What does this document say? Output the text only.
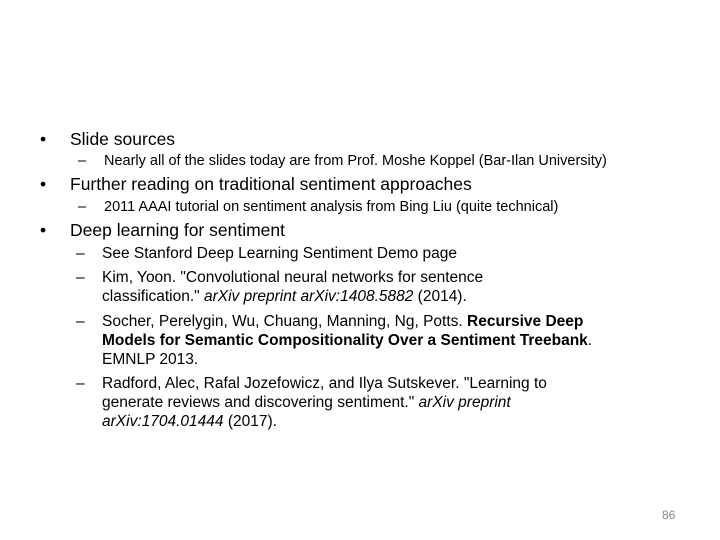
• Slide sources
– Nearly all of the slides today are from Prof. Moshe Koppel (Bar-Ilan University)
• Further reading on traditional sentiment approaches
– 2011 AAAI tutorial on sentiment analysis from Bing Liu (quite technical)
• Deep learning for sentiment
– See Stanford Deep Learning Sentiment Demo page
– Kim, Yoon. "Convolutional neural networks for sentence
classification." arXiv preprint arXiv:1408.5882 (2014).
– Socher, Perelygin, Wu, Chuang, Manning, Ng, Potts. Recursive Deep
Models for Semantic Compositionality Over a Sentiment Treebank.
EMNLP 2013.
– Radford, Alec, Rafal Jozefowicz, and Ilya Sutskever. "Learning to
generate reviews and discovering sentiment." arXiv preprint
arXiv:1704.01444 (2017).
86
